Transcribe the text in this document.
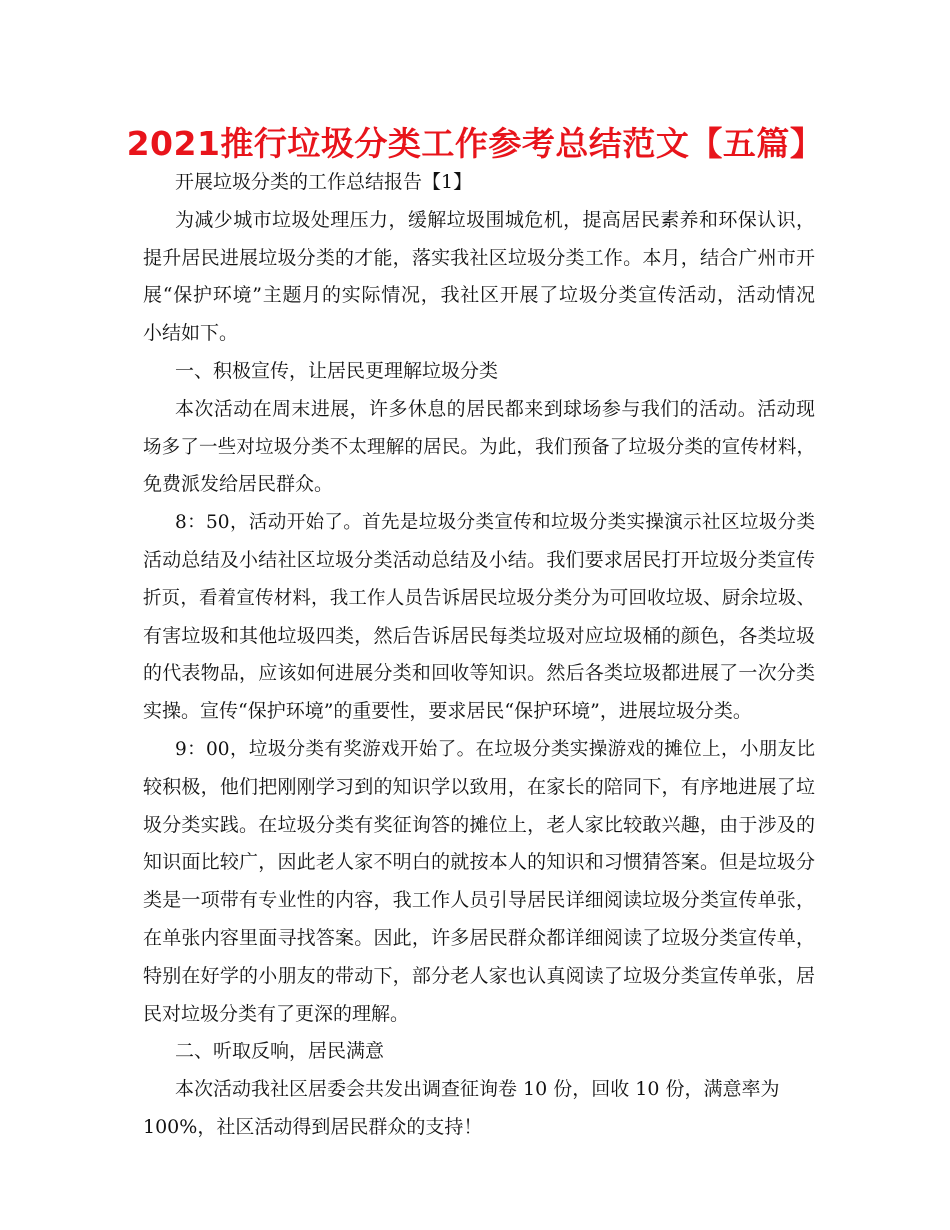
2021推行垃圾分类工作参考总结范文【五篇】
开展垃圾分类的工作总结报告【1】
为减少城市垃圾处理压力，缓解垃圾围城危机，提高居民素养和环保认识，
提升居民进展垃圾分类的才能，落实我社区垃圾分类工作。本月，结合广州市开
展“保护环境”主题月的实际情况，我社区开展了垃圾分类宣传活动，活动情况
小结如下。
一、积极宣传，让居民更理解垃圾分类
本次活动在周末进展，许多休息的居民都来到球场参与我们的活动。活动现
场多了一些对垃圾分类不太理解的居民。为此，我们预备了垃圾分类的宣传材料，
免费派发给居民群众。
8：50，活动开始了。首先是垃圾分类宣传和垃圾分类实操演示社区垃圾分类
活动总结及小结社区垃圾分类活动总结及小结。我们要求居民打开垃圾分类宣传
折页，看着宣传材料，我工作人员告诉居民垃圾分类分为可回收垃圾、厨余垃圾、
有害垃圾和其他垃圾四类，然后告诉居民每类垃圾对应垃圾桶的颜色，各类垃圾
的代表物品，应该如何进展分类和回收等知识。然后各类垃圾都进展了一次分类
实操。宣传“保护环境”的重要性，要求居民“保护环境”，进展垃圾分类。
9：00，垃圾分类有奖游戏开始了。在垃圾分类实操游戏的摊位上，小朋友比
较积极，他们把刚刚学习到的知识学以致用，在家长的陪同下，有序地进展了垃
圾分类实践。在垃圾分类有奖征询答的摊位上，老人家比较敢兴趣，由于涉及的
知识面比较广，因此老人家不明白的就按本人的知识和习惯猜答案。但是垃圾分
类是一项带有专业性的内容，我工作人员引导居民详细阅读垃圾分类宣传单张，
在单张内容里面寻找答案。因此，许多居民群众都详细阅读了垃圾分类宣传单，
特别在好学的小朋友的带动下，部分老人家也认真阅读了垃圾分类宣传单张，居
民对垃圾分类有了更深的理解。
二、听取反响，居民满意
本次活动我社区居委会共发出调查征询卷 10 份，回收 10 份，满意率为
100%，社区活动得到居民群众的支持！
